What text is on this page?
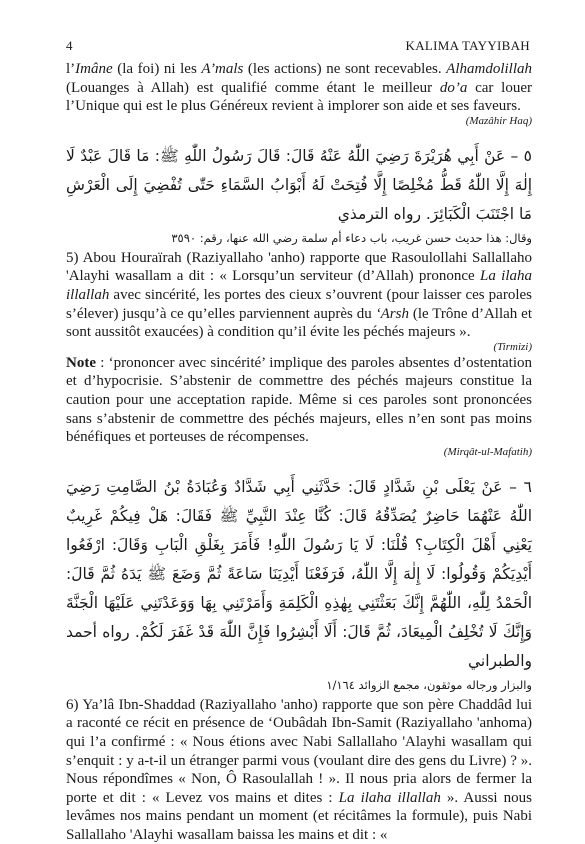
4	KALIMA TAYYIBAH

l’Imâne (la foi) ni les A’mals (les actions) ne sont recevables. Alhamdolillah (Louanges à Allah) est qualifié comme étant le meilleur do’a car louer l’Unique qui est le plus Généreux revient à implorer son aide et ses faveurs.

(Mazâhir Haq)

٥ – عَنْ أَبِي هُرَيْرَةَ رَضِيَ اللّٰهُ عَنْهُ قَالَ: قَالَ رَسُولُ اللّٰهِ ﷺ: مَا قَالَ عَبْدٌ لَا إِلٰهَ إِلَّا اللّٰهُ قَطُّ مُخْلِصًا إِلَّا فُتِحَتْ لَهُ أَبْوَابُ السَّمَاءِ حَتّٰى تُفْضِيَ إِلَى الْعَرْشِ مَا اجْتَنَبَ الْكَبَائِرَ. رواه الترمذي

وقال: هذا حديث حسن غريب، باب دعاء أم سلمة رضي الله عنها، رقم: ٣٥٩٠

5) Abou Houraïrah (Raziyallaho 'anho) rapporte que Rasoulollahi Sallallaho 'Alayhi wasallam a dit : « Lorsqu’un serviteur (d’Allah) prononce La ilaha illallah avec sincérité, les portes des cieux s’ouvrent (pour laisser ces paroles s’élever) jusqu’à ce qu’elles parviennent auprès du ‘Arsh (le Trône d’Allah et sont aussitôt exaucées) à condition qu’il évite les péchés majeurs ».

(Tirmizi)

Note : ‘prononcer avec sincérité’ implique des paroles absentes d’ostentation et d’hypocrisie. S’abstenir de commettre des péchés majeurs constitue la caution pour une acceptation rapide. Même si ces paroles sont prononcées sans s’abstenir de commettre des péchés majeurs, elles n’en sont pas moins bénéfiques et porteuses de récompenses.

(Mirqât-ul-Mafatih)

٦ – عَنْ يَعْلَى بْنِ شَدَّادٍ قَالَ: حَدَّثَنِي أَبِي شَدَّادٌ وَعُبَادَةُ بْنُ الصَّامِتِ رَضِيَ اللّٰهُ عَنْهُمَا حَاضِرٌ يُصَدِّقُهُ قَالَ: كُنَّا عِنْدَ النَّبِيِّ ﷺ فَقَالَ: هَلْ فِيكُمْ غَرِيبٌ يَعْنِي أَهْلَ الْكِتَابِ؟ قُلْنَا: لَا يَا رَسُولَ اللّٰهِ! فَأَمَرَ بِغَلْقِ الْبَابِ وَقَالَ: ارْفَعُوا أَيْدِيَكُمْ وَقُولُوا: لَا إِلٰهَ إِلَّا اللّٰهُ، فَرَفَعْنَا أَيْدِيَنَا سَاعَةً ثُمَّ وَضَعَ ﷺ يَدَهُ ثُمَّ قَالَ: الْحَمْدُ لِلّٰهِ، اللّٰهُمَّ إِنَّكَ بَعَثْتَنِي بِهٰذِهِ الْكَلِمَةِ وَأَمَرْتَنِي بِهَا وَوَعَدْتَنِي عَلَيْهَا الْجَنَّةَ وَإِنَّكَ لَا تُخْلِفُ الْمِيعَادَ، ثُمَّ قَالَ: أَلَا أَبْشِرُوا فَإِنَّ اللّٰهَ قَدْ غَفَرَ لَكُمْ. رواه أحمد والطبراني

والبزار ورجاله موثقون، مجمع الزوائد ١/١٦٤

6) Ya’lâ Ibn-Shaddad (Raziyallaho 'anho) rapporte que son père Chaddâd lui a raconté ce récit en présence de ‘Oubâdah Ibn-Samit (Raziyallaho 'anhoma) qui l’a confirmé : « Nous étions avec Nabi Sallallaho 'Alayhi wasallam qui s’enquit : y a-t-il un étranger parmi vous (voulant dire des gens du Livre) ? ». Nous répondîmes « Non, Ô Rasoulallah ! ». Il nous pria alors de fermer la porte et dit : « Levez vos mains et dites : La ilaha illallah ». Aussi nous levâmes nos mains pendant un moment (et récitâmes la formule), puis Nabi Sallallaho 'Alayhi wasallam baissa les mains et dit : «
